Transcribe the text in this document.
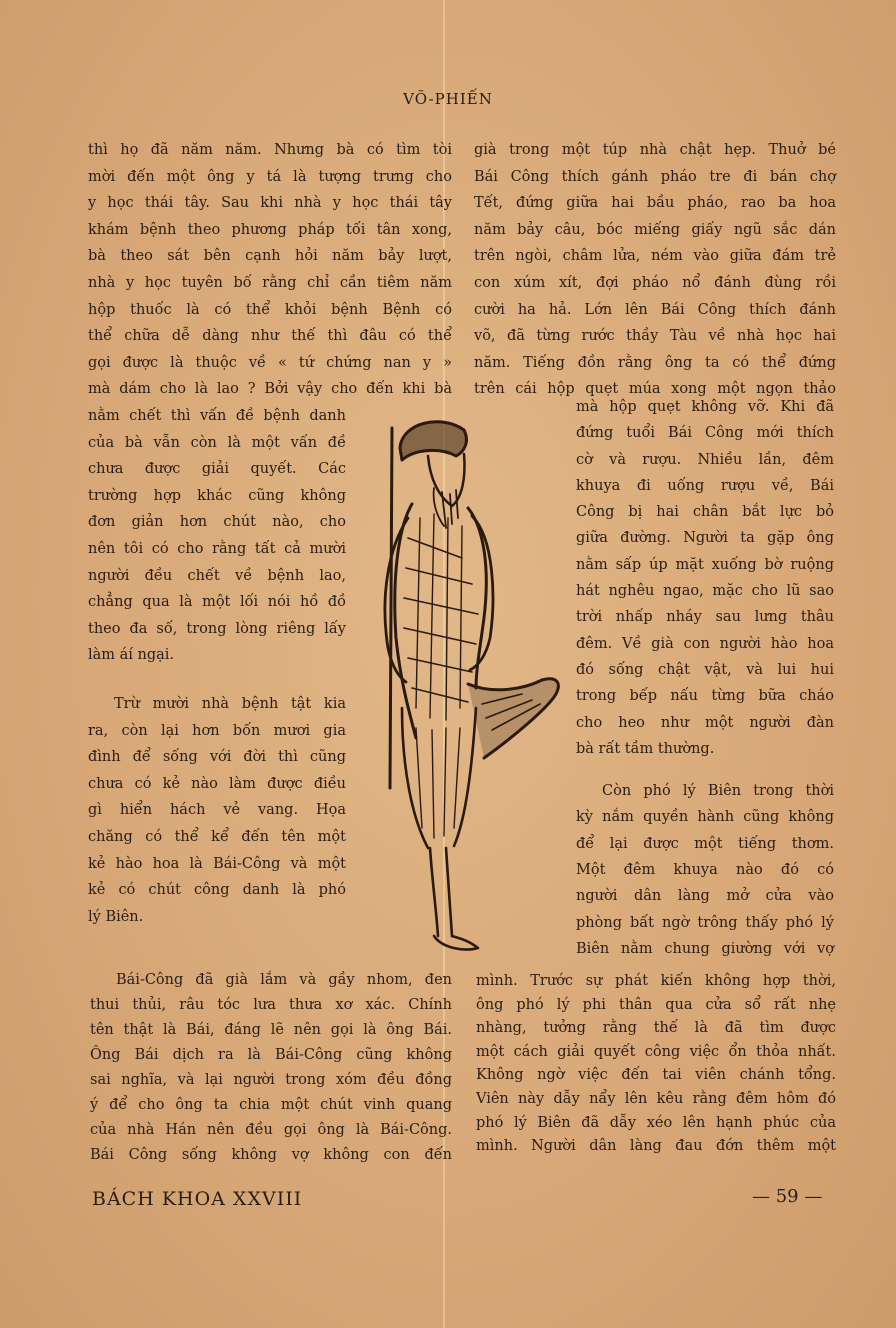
VÕ-PHIẾN

thì họ đã năm năm. Nhưng bà có tìm tòi
mời đến một ông y tá là tượng trưng cho
y học thái tây. Sau khi nhà y học thái tây
khám bệnh theo phương pháp tối tân xong,
bà theo sát bên cạnh hỏi năm bảy lượt,
nhà y học tuyên bố rằng chỉ cần tiêm năm
hộp thuốc là có thể khỏi bệnh Bệnh có
thể chữa dễ dàng như thế thì đâu có thể
gọi được là thuộc về « tứ chứng nan y »
mà dám cho là lao ? Bởi vậy cho đến khi bà

nằm chết thì vấn đề bệnh danh
của bà vẫn còn là một vấn đề
chưa được giải quyết. Các
trường hợp khác cũng không
đơn giản hơn chút nào, cho
nên tôi có cho rằng tất cả mười
người đều chết về bệnh lao,
chẳng qua là một lối nói hồ đồ
theo đa số, trong lòng riêng lấy
làm áí ngại.

Trừ mười nhà bệnh tật kia
ra, còn lại hơn bốn mươi gia
đình để sống với đời thì cũng
chưa có kẻ nào làm được điều
gì hiển hách vẻ vang. Họa
chăng có thể kể đến tên một
kẻ hào hoa là Bái-Công và một
kẻ có chút công danh là phó
lý Biên.

Bái-Công đã già lắm và gầy nhom, đen
thui thủi, râu tóc lưa thưa xơ xác. Chính
tên thật là Bái, đáng lẽ nên gọi là ông Bái.
Ông Bái dịch ra là Bái-Công cũng không
sai nghĩa, và lại người trong xóm đều đồng
ý để cho ông ta chia một chút vinh quang
của nhà Hán nên đều gọi ông là Bái-Công.
Bái Công sống không vợ không con đến

già trong một túp nhà chật hẹp. Thuở bé
Bái Công thích gánh pháo tre đi bán chợ
Tết, đứng giữa hai bầu pháo, rao ba hoa
năm bảy câu, bóc miếng giấy ngũ sắc dán
trên ngòi, châm lửa, ném vào giữa đám trẻ
con xúm xít, đợi pháo nổ đánh đùng rồi
cười ha hả. Lớn lên Bái Công thích đánh
võ, đã từng rước thầy Tàu về nhà học hai
năm. Tiếng đồn rằng ông ta có thể đứng
trên cái hộp quẹt múa xong một ngọn thảo

mà hộp quẹt không vỡ. Khi đã
đứng tuổi Bái Công mới thích
cờ và rượu. Nhiều lần, đêm
khuya đi uống rượu về, Bái
Công bị hai chân bắt lực bỏ
giữa đường. Người ta gặp ông
nằm sấp úp mặt xuống bờ ruộng
hát nghêu ngao, mặc cho lũ sao
trời nhấp nháy sau lưng thâu
đêm. Về già con người hào hoa
đó sống chật vật, và lui hui
trong bếp nấu từng bữa cháo
cho heo như một người đàn
bà rất tầm thường.

Còn phó lý Biên trong thời
kỳ nắm quyền hành cũng không
để lại được một tiếng thơm.
Một đêm khuya nào đó có
người dân làng mở cửa vào
phòng bất ngờ trông thấy phó lý
Biên nằm chung giường với vợ

mình. Trước sự phát kiến không hợp thời,
ông phó lý phi thân qua cửa sổ rất nhẹ
nhàng, tưởng rằng thế là đã tìm được
một cách giải quyết công việc ổn thỏa nhất.
Không ngờ việc đến tai viên chánh tổng.
Viên này dẫy nẩy lên kêu rằng đêm hôm đó
phó lý Biên đã dẫy xéo lên hạnh phúc của
mình. Người dân làng đau đớn thêm một

BÁCH KHOA XXVIII	— 59 —
